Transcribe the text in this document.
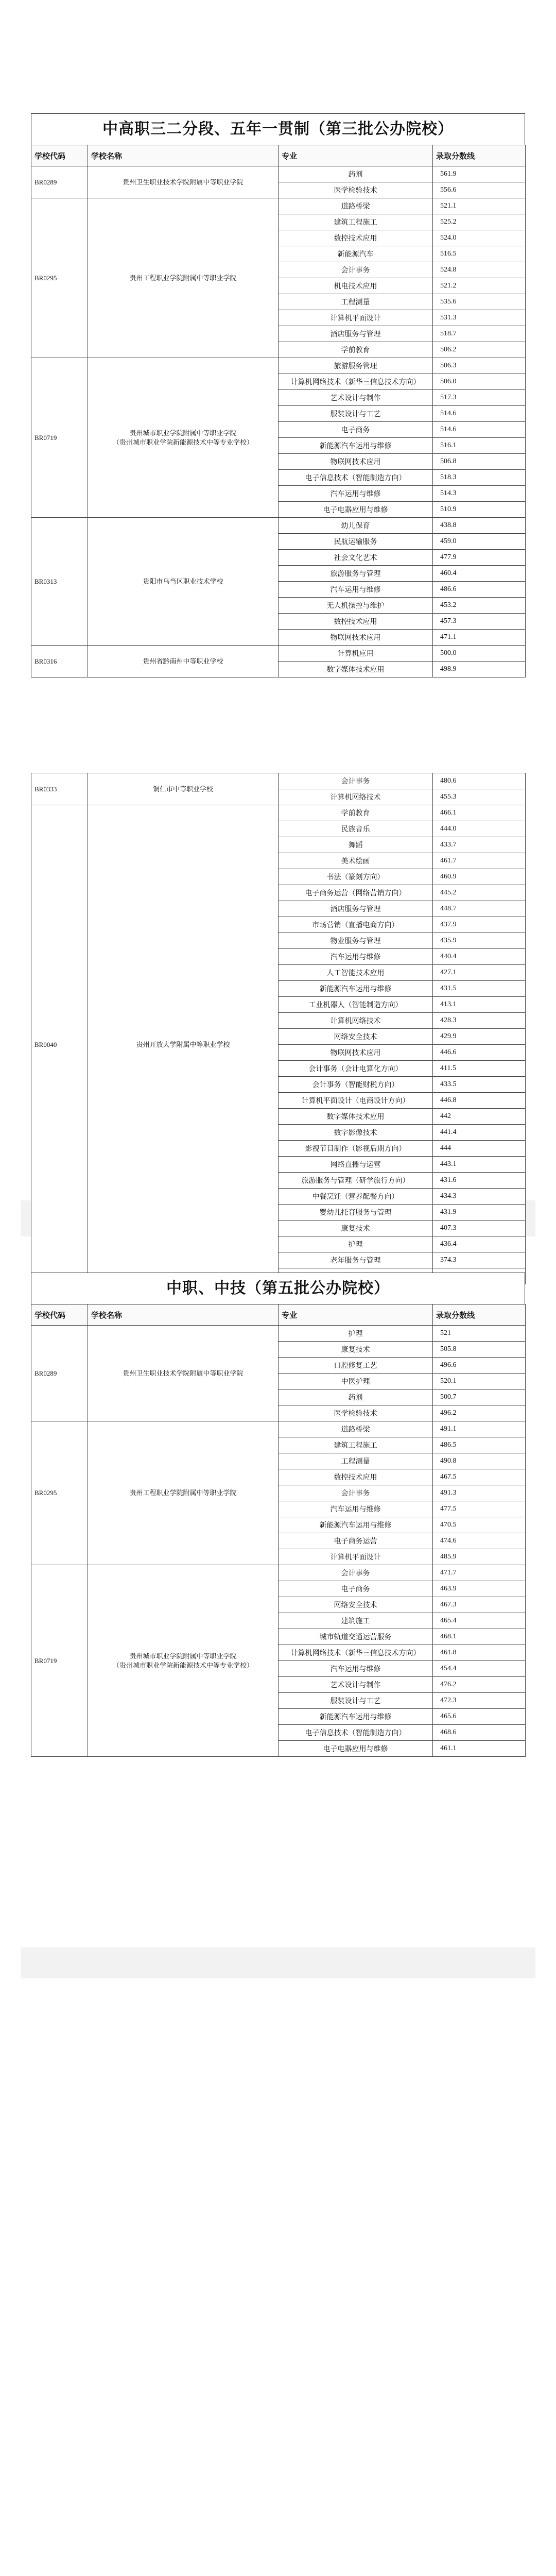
中高职三二分段、五年一贯制（第三批公办院校）
学校代码	学校名称	专业	录取分数线
BR0289	贵州卫生职业技术学院附属中等职业学院	药剂	561.9
		医学检验技术	556.6
BR0295	贵州工程职业学院附属中等职业学院	道路桥梁	521.1
		建筑工程施工	525.2
		数控技术应用	524.0
		新能源汽车	516.5
		会计事务	524.8
		机电技术应用	521.2
		工程测量	535.6
		计算机平面设计	531.3
		酒店服务与管理	518.7
		学前教育	506.2
BR0719	贵州城市职业学院附属中等职业学院
（贵州城市职业学院新能源技术中等专业学校）	旅游服务管理	506.3
		计算机网络技术（新华三信息技术方向）	506.0
		艺术设计与制作	517.3
		服装设计与工艺	514.6
		电子商务	514.6
		新能源汽车运用与维修	516.1
		物联网技术应用	506.8
		电子信息技术（智能制造方向）	518.3
		汽车运用与维修	514.3
		电子电器应用与维修	510.9
BR0313	贵阳市乌当区职业技术学校	幼儿保育	438.8
		民航运输服务	459.0
		社会文化艺术	477.9
		旅游服务与管理	460.4
		汽车运用与维修	486.6
		无人机操控与维护	453.2
		数控技术应用	457.3
		物联网技术应用	471.1
BR0316	贵州省黔南州中等职业学校	计算机应用	500.0
		数字媒体技术应用	498.9
BR0333	铜仁市中等职业学校	会计事务	480.6
		计算机网络技术	455.3
BR0040	贵州开放大学附属中等职业学校	学前教育	466.1
		民族音乐	444.0
		舞蹈	433.7
		美术绘画	461.7
		书法（篆刻方向）	460.9
		电子商务运营（网络营销方向）	445.2
		酒店服务与管理	448.7
		市场营销（直播电商方向）	437.9
		物业服务与管理	435.9
		汽车运用与维修	440.4
		人工智能技术应用	427.1
		新能源汽车运用与维修	431.5
		工业机器人（智能制造方向）	413.1
		计算机网络技术	428.3
		网络安全技术	429.9
		物联网技术应用	446.6
		会计事务（会计电算化方向）	411.5
		会计事务（智能财税方向）	433.5
		计算机平面设计（电商设计方向）	446.8
		数字媒体技术应用	442
		数字影像技术	441.4
		影视节目制作（影视后期方向）	444
		网络直播与运营	443.1
		旅游服务与管理（研学旅行方向）	431.6
		中餐烹饪（营养配餐方向）	434.3
		婴幼儿托育服务与管理	431.9
		康复技术	407.3
		护理	436.4
		老年服务与管理	374.3

中职、中技（第五批公办院校）
学校代码	学校名称	专业	录取分数线
BR0289	贵州卫生职业技术学院附属中等职业学院	护理	521
		康复技术	505.8
		口腔修复工艺	496.6
		中医护理	520.1
		药剂	500.7
		医学检验技术	496.2
BR0295	贵州工程职业学院附属中等职业学院	道路桥梁	491.1
		建筑工程施工	486.5
		工程测量	490.8
		数控技术应用	467.5
		会计事务	491.3
		汽车运用与维修	477.5
		新能源汽车运用与维修	470.5
		电子商务运营	474.6
		计算机平面设计	485.9
BR0719	贵州城市职业学院附属中等职业学院
（贵州城市职业学院新能源技术中等专业学校）	会计事务	471.7
		电子商务	463.9
		网络安全技术	467.3
		建筑施工	465.4
		城市轨道交通运营服务	468.1
		计算机网络技术（新华三信息技术方向）	461.8
		汽车运用与维修	454.4
		艺术设计与制作	476.2
		服装设计与工艺	472.3
		新能源汽车运用与维修	465.6
		电子信息技术（智能制造方向）	468.6
		电子电器应用与维修	461.1
